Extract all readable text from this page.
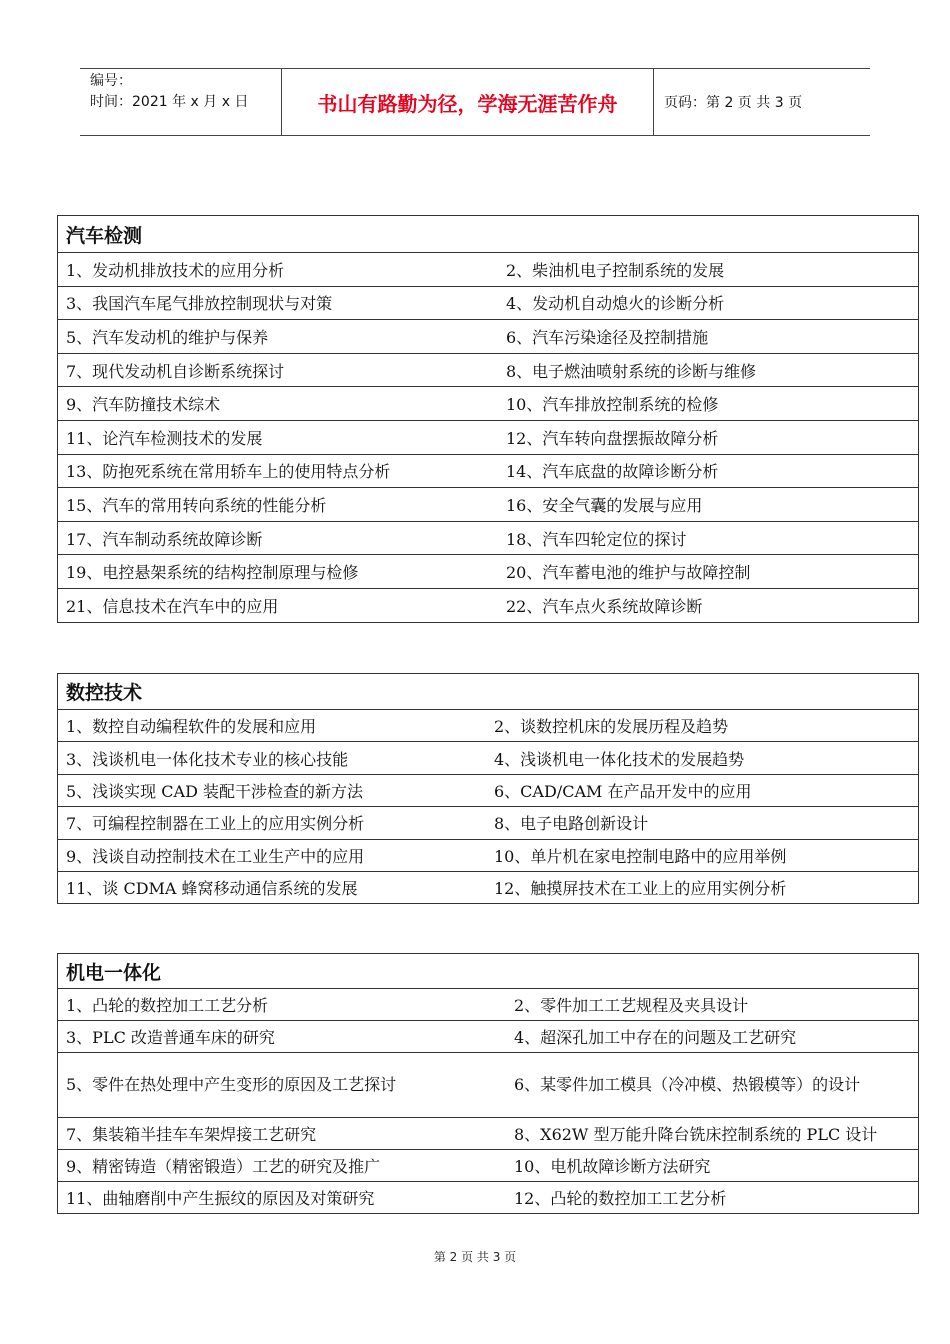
编号：
时间：2021 年 x 月 x 日	书山有路勤为径，学海无涯苦作舟	页码：第 2 页 共 3 页
汽车检测

1、发动机排放技术的应用分析	2、柴油机电子控制系统的发展

3、我国汽车尾气排放控制现状与对策	4、发动机自动熄火的诊断分析

5、汽车发动机的维护与保养	6、汽车污染途径及控制措施

7、现代发动机自诊断系统探讨	8、电子燃油喷射系统的诊断与维修

9、汽车防撞技术综术	10、汽车排放控制系统的检修

11、论汽车检测技术的发展	12、汽车转向盘摆振故障分析

13、防抱死系统在常用轿车上的使用特点分析	14、汽车底盘的故障诊断分析

15、汽车的常用转向系统的性能分析	16、安全气囊的发展与应用

17、汽车制动系统故障诊断	18、汽车四轮定位的探讨

19、电控悬架系统的结构控制原理与检修	20、汽车蓄电池的维护与故障控制

21、信息技术在汽车中的应用	22、汽车点火系统故障诊断
数控技术

1、数控自动编程软件的发展和应用	2、谈数控机床的发展历程及趋势

3、浅谈机电一体化技术专业的核心技能	4、浅谈机电一体化技术的发展趋势

5、浅谈实现 CAD 装配干涉检查的新方法	6、CAD/CAM 在产品开发中的应用

7、可编程控制器在工业上的应用实例分析	8、电子电路创新设计

9、浅谈自动控制技术在工业生产中的应用	10、单片机在家电控制电路中的应用举例

11、谈 CDMA 蜂窝移动通信系统的发展	12、触摸屏技术在工业上的应用实例分析
机电一体化

1、凸轮的数控加工工艺分析	2、零件加工工艺规程及夹具设计

3、PLC 改造普通车床的研究	4、超深孔加工中存在的问题及工艺研究

5、零件在热处理中产生变形的原因及工艺探讨	6、某零件加工模具（冷冲模、热锻模等）的设计

7、集装箱半挂车车架焊接工艺研究	8、X62W 型万能升降台铣床控制系统的 PLC 设计

9、精密铸造（精密锻造）工艺的研究及推广	10、电机故障诊断方法研究

11、曲轴磨削中产生振纹的原因及对策研究	12、凸轮的数控加工工艺分析
第 2 页 共 3 页
